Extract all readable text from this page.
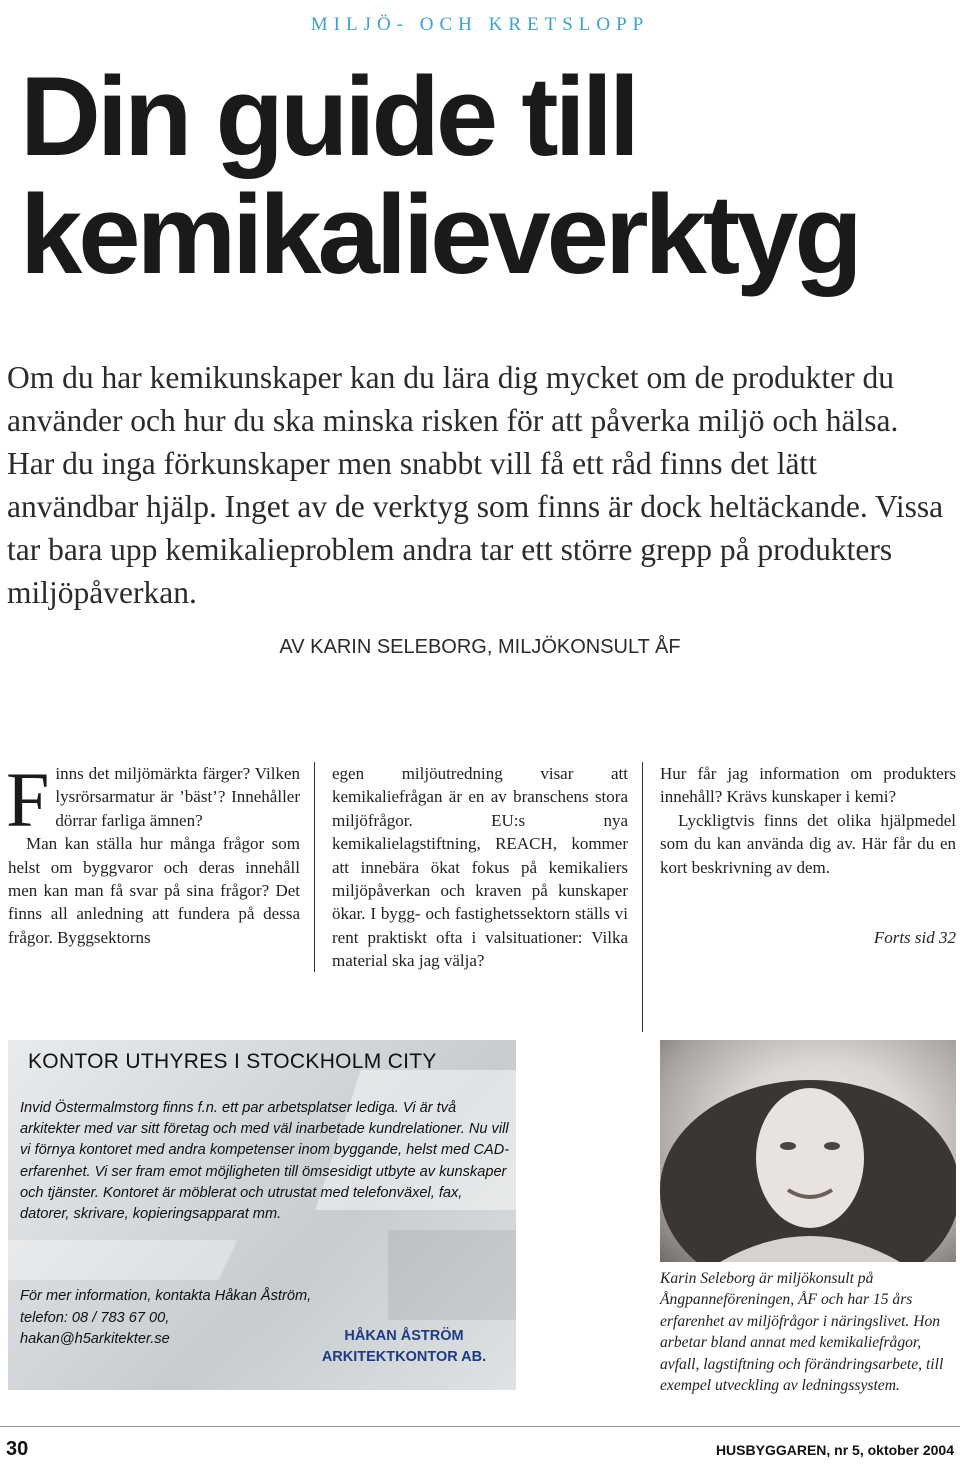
MILJÖ- OCH KRETSLOPP
Din guide till
kemikalieverktyg
Om du har kemikunskaper kan du lära dig mycket om de produkter du använder och hur du ska minska risken för att påverka miljö och hälsa. Har du inga förkunskaper men snabbt vill få ett råd finns det lätt användbar hjälp. Inget av de verktyg som finns är dock heltäckande. Vissa tar bara upp kemikalieproblem andra tar ett större grepp på produkters miljöpåverkan.
AV KARIN SELEBORG, MILJÖKONSULT ÅF

Finns det miljömärkta färger? Vilken lysrörsarmatur är ’bäst’? Innehåller dörrar farliga ämnen?

Man kan ställa hur många frågor som helst om byggvaror och deras innehåll men kan man få svar på sina frågor? Det finns all anledning att fundera på dessa frågor. Byggsektorns

egen miljöutredning visar att kemikaliefrågan är en av branschens stora miljöfrågor. EU:s nya kemikalielagstiftning, REACH, kommer att innebära ökat fokus på kemikaliers miljöpåverkan och kraven på kunskaper ökar. I bygg- och fastighetssektorn ställs vi rent praktiskt ofta i valsituationer: Vilka material ska jag välja?

Hur får jag information om produkters innehåll? Krävs kunskaper i kemi?

Lyckligtvis finns det olika hjälpmedel som du kan använda dig av. Här får du en kort beskrivning av dem.

Forts sid 32
KONTOR UTHYRES I STOCKHOLM CITY
Invid Östermalmstorg finns f.n. ett par arbetsplatser lediga. Vi är två arkitekter med var sitt företag och med väl inarbetade kundrelationer. Nu vill vi förnya kontoret med andra kompetenser inom byggande, helst med CAD-erfarenhet. Vi ser fram emot möjligheten till ömsesidigt utbyte av kunskaper och tjänster. Kontoret är möblerat och utrustat med telefonväxel, fax, datorer, skrivare, kopieringsapparat mm.
För mer information, kontakta Håkan Åström,
telefon: 08 / 783 67 00,
hakan@h5arkitekter.se	HÅKAN ÅSTRÖM
ARKITEKTKONTOR AB.
Karin Seleborg är miljökonsult på Ångpanneföreningen, ÅF och har 15 års erfarenhet av miljöfrågor i näringslivet. Hon arbetar bland annat med kemikaliefrågor, avfall, lagstiftning och förändringsarbete, till exempel utveckling av ledningssystem.
30	HUSBYGGAREN, nr 5, oktober 2004
